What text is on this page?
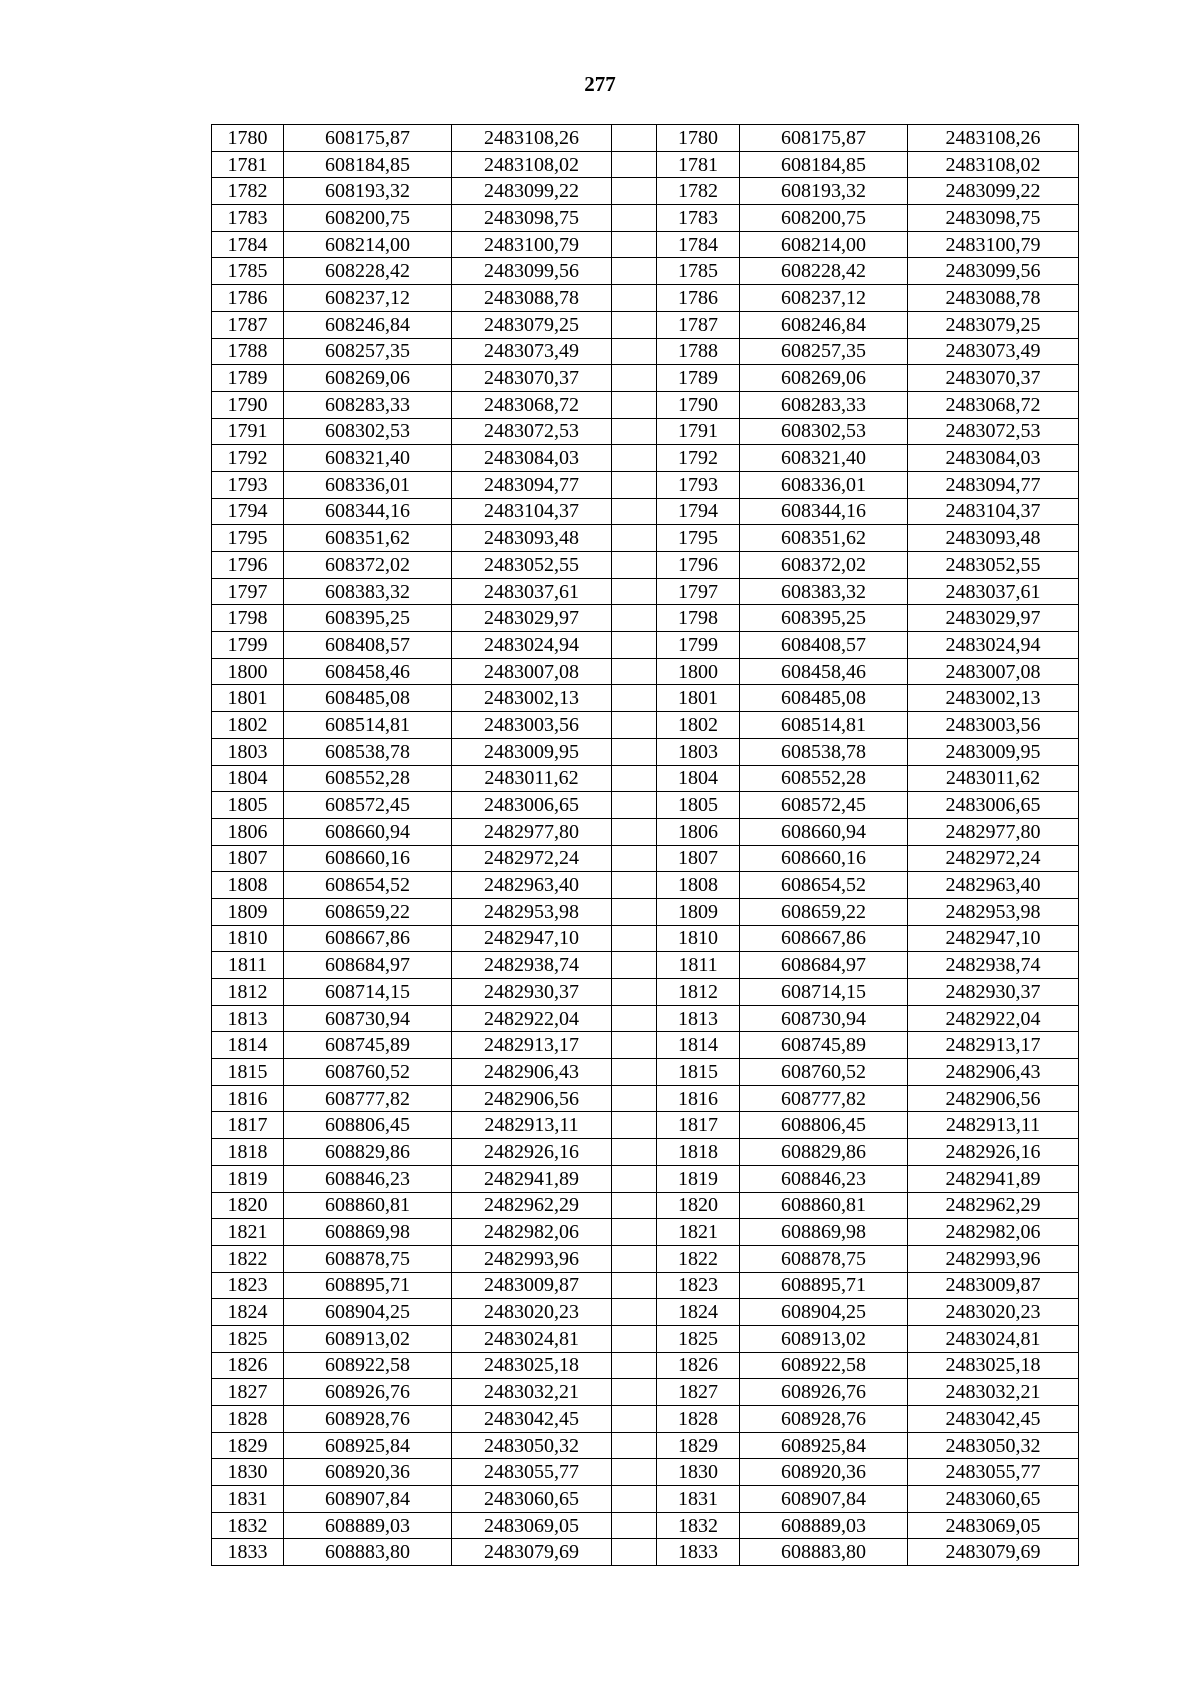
277
1780	608175,87	2483108,26		1780	608175,87	2483108,26
1781	608184,85	2483108,02		1781	608184,85	2483108,02
1782	608193,32	2483099,22		1782	608193,32	2483099,22
1783	608200,75	2483098,75		1783	608200,75	2483098,75
1784	608214,00	2483100,79		1784	608214,00	2483100,79
1785	608228,42	2483099,56		1785	608228,42	2483099,56
1786	608237,12	2483088,78		1786	608237,12	2483088,78
1787	608246,84	2483079,25		1787	608246,84	2483079,25
1788	608257,35	2483073,49		1788	608257,35	2483073,49
1789	608269,06	2483070,37		1789	608269,06	2483070,37
1790	608283,33	2483068,72		1790	608283,33	2483068,72
1791	608302,53	2483072,53		1791	608302,53	2483072,53
1792	608321,40	2483084,03		1792	608321,40	2483084,03
1793	608336,01	2483094,77		1793	608336,01	2483094,77
1794	608344,16	2483104,37		1794	608344,16	2483104,37
1795	608351,62	2483093,48		1795	608351,62	2483093,48
1796	608372,02	2483052,55		1796	608372,02	2483052,55
1797	608383,32	2483037,61		1797	608383,32	2483037,61
1798	608395,25	2483029,97		1798	608395,25	2483029,97
1799	608408,57	2483024,94		1799	608408,57	2483024,94
1800	608458,46	2483007,08		1800	608458,46	2483007,08
1801	608485,08	2483002,13		1801	608485,08	2483002,13
1802	608514,81	2483003,56		1802	608514,81	2483003,56
1803	608538,78	2483009,95		1803	608538,78	2483009,95
1804	608552,28	2483011,62		1804	608552,28	2483011,62
1805	608572,45	2483006,65		1805	608572,45	2483006,65
1806	608660,94	2482977,80		1806	608660,94	2482977,80
1807	608660,16	2482972,24		1807	608660,16	2482972,24
1808	608654,52	2482963,40		1808	608654,52	2482963,40
1809	608659,22	2482953,98		1809	608659,22	2482953,98
1810	608667,86	2482947,10		1810	608667,86	2482947,10
1811	608684,97	2482938,74		1811	608684,97	2482938,74
1812	608714,15	2482930,37		1812	608714,15	2482930,37
1813	608730,94	2482922,04		1813	608730,94	2482922,04
1814	608745,89	2482913,17		1814	608745,89	2482913,17
1815	608760,52	2482906,43		1815	608760,52	2482906,43
1816	608777,82	2482906,56		1816	608777,82	2482906,56
1817	608806,45	2482913,11		1817	608806,45	2482913,11
1818	608829,86	2482926,16		1818	608829,86	2482926,16
1819	608846,23	2482941,89		1819	608846,23	2482941,89
1820	608860,81	2482962,29		1820	608860,81	2482962,29
1821	608869,98	2482982,06		1821	608869,98	2482982,06
1822	608878,75	2482993,96		1822	608878,75	2482993,96
1823	608895,71	2483009,87		1823	608895,71	2483009,87
1824	608904,25	2483020,23		1824	608904,25	2483020,23
1825	608913,02	2483024,81		1825	608913,02	2483024,81
1826	608922,58	2483025,18		1826	608922,58	2483025,18
1827	608926,76	2483032,21		1827	608926,76	2483032,21
1828	608928,76	2483042,45		1828	608928,76	2483042,45
1829	608925,84	2483050,32		1829	608925,84	2483050,32
1830	608920,36	2483055,77		1830	608920,36	2483055,77
1831	608907,84	2483060,65		1831	608907,84	2483060,65
1832	608889,03	2483069,05		1832	608889,03	2483069,05
1833	608883,80	2483079,69		1833	608883,80	2483079,69
